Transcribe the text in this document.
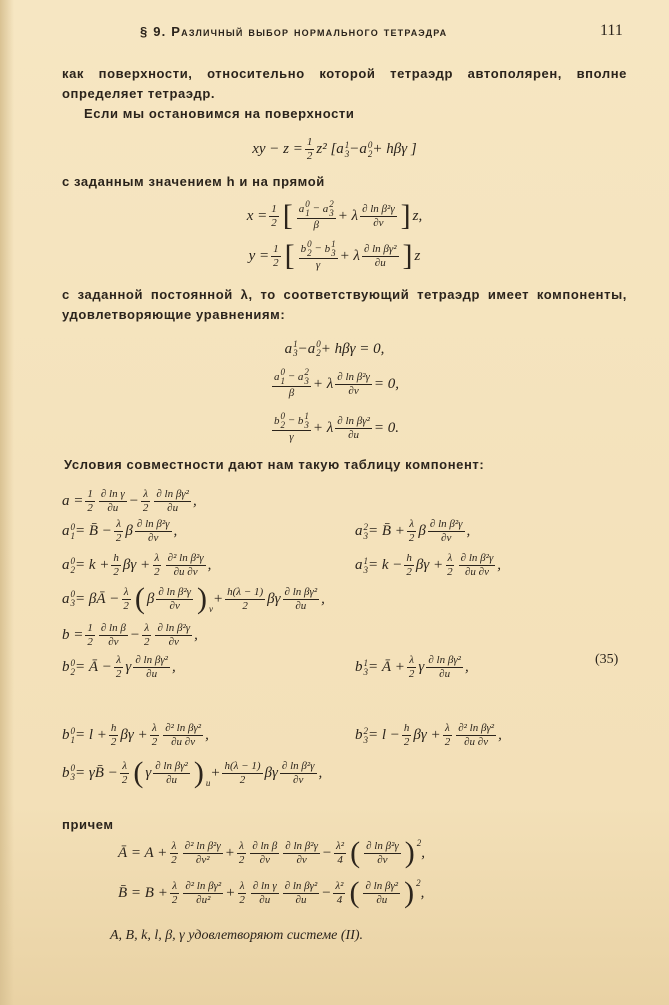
§ 9. Различный выбор нормального тетраэдра	111
как поверхности, относительно которой тетраэдр автополярен, вполне определяет тетраэдр.
Если мы остановимся на поверхности
xy − $z = \frac{1}{2} z^2$ [ a 1
3 − a 0
2 + hβγ ]
с заданным значением h и на прямой
$x = \frac{1}{2}$ [ a 0
1 − a 2
3
β + λ $\frac{\text{∂ ln β²γ}}{\partial v}$ ] z,
$y = \frac{1}{2}$ [ b 0
2 − b 1
3
γ + λ $\frac{\text{∂ ln βγ²}}{\partial u}$ ] z
с заданной постоянной λ, то соответствующий тетраэдр имеет компоненты, удовлетворяющие уравнениям:
a 1
3 − a 0
2 + hβγ = 0,
a 0
1 − a 2
3
β + λ $\frac{\text{∂ ln β²γ}}{\partial v} = 0$,
b 0
2 − b 1
3
γ + λ $\frac{\text{∂ ln βγ²}}{\partial u} = 0$.
Условия совместности дают нам такую таблицу компонент:
$a = \frac{1}{2} \frac{\text{∂ ln γ}}{\partial u} - \frac{\lambda}{2} \frac{\text{∂ ln βγ²}}{\partial u}$ ,
a 0
1 = B̄ − $\frac{\lambda}{2}$ β $\frac{\text{∂ ln β²γ}}{\partial v}$ ,	a 2
3 = B̄ + $\frac{\lambda}{2}$ β $\frac{\text{∂ ln β²γ}}{\partial v}$ ,
a 0
$2 = k + \frac{h}{2}$ $\beta\gamma + \frac{\lambda}{2} \frac{\text{∂² ln β²γ}}{\partial u \partial v}$ ,	a 1
$3 = k - \frac{h}{2}$ $\beta\gamma + \frac{\lambda}{2} \frac{\text{∂ ln β²γ}}{\partial u \partial v}$ ,
a 0
3 = βĀ − $\frac{\lambda}{2}$ ( β $\frac{\text{∂ ln β²γ}}{\partial v}$ ) v
+ $\frac{h(\lambda - 1)}{2}$ βγ $\frac{\text{∂ ln βγ²}}{\partial u}$ ,
$b = \frac{1}{2} \frac{\text{∂ ln β}}{\partial v} - \frac{\lambda}{2} \frac{\text{∂ ln β²γ}}{\partial v}$ ,
(35)
b 0
2 = Ā − $\frac{\lambda}{2}$ γ $\frac{\text{∂ ln βγ²}}{\partial u}$ ,	b 1
3 = Ā + $\frac{\lambda}{2}$ γ $\frac{\text{∂ ln βγ²}}{\partial u}$ ,
b 0
$1 = l + \frac{h}{2}$ $\beta\gamma + \frac{\lambda}{2} \frac{\text{∂² ln βγ²}}{\partial u \partial v}$ ,	b 2
$3 = l - \frac{h}{2}$ $\beta\gamma + \frac{\lambda}{2} \frac{\text{∂² ln βγ²}}{\partial u \partial v}$ ,
b 0
3 = γB̄ − $\frac{\lambda}{2}$ ( γ $\frac{\text{∂ ln βγ²}}{\partial u}$ ) u
+ $\frac{h(\lambda - 1)}{2}$ βγ $\frac{\text{∂ ln β²γ}}{\partial v}$ ,
причем
Ā = $A + \frac{\lambda}{2} \frac{\text{∂² ln β²γ}}{\text{∂v²}} + \frac{\lambda}{2} \frac{\text{∂ ln β}}{\partial v} \frac{\text{∂ ln β²γ}}{\partial v} - \frac{\text{λ²}}{4}$ ( $\frac{\text{∂ ln β²γ}}{\partial v}$ ) 2
,
B̄ = $B + \frac{\lambda}{2} \frac{\text{∂² ln βγ²}}{\text{∂u²}} + \frac{\lambda}{2} \frac{\text{∂ ln γ}}{\partial u} \frac{\text{∂ ln βγ²}}{\partial u} - \frac{\text{λ²}}{4}$ ( $\frac{\text{∂ ln βγ²}}{\partial u}$ ) 2
,
A, B, k, l, β, γ удовлетворяют системе (II).
